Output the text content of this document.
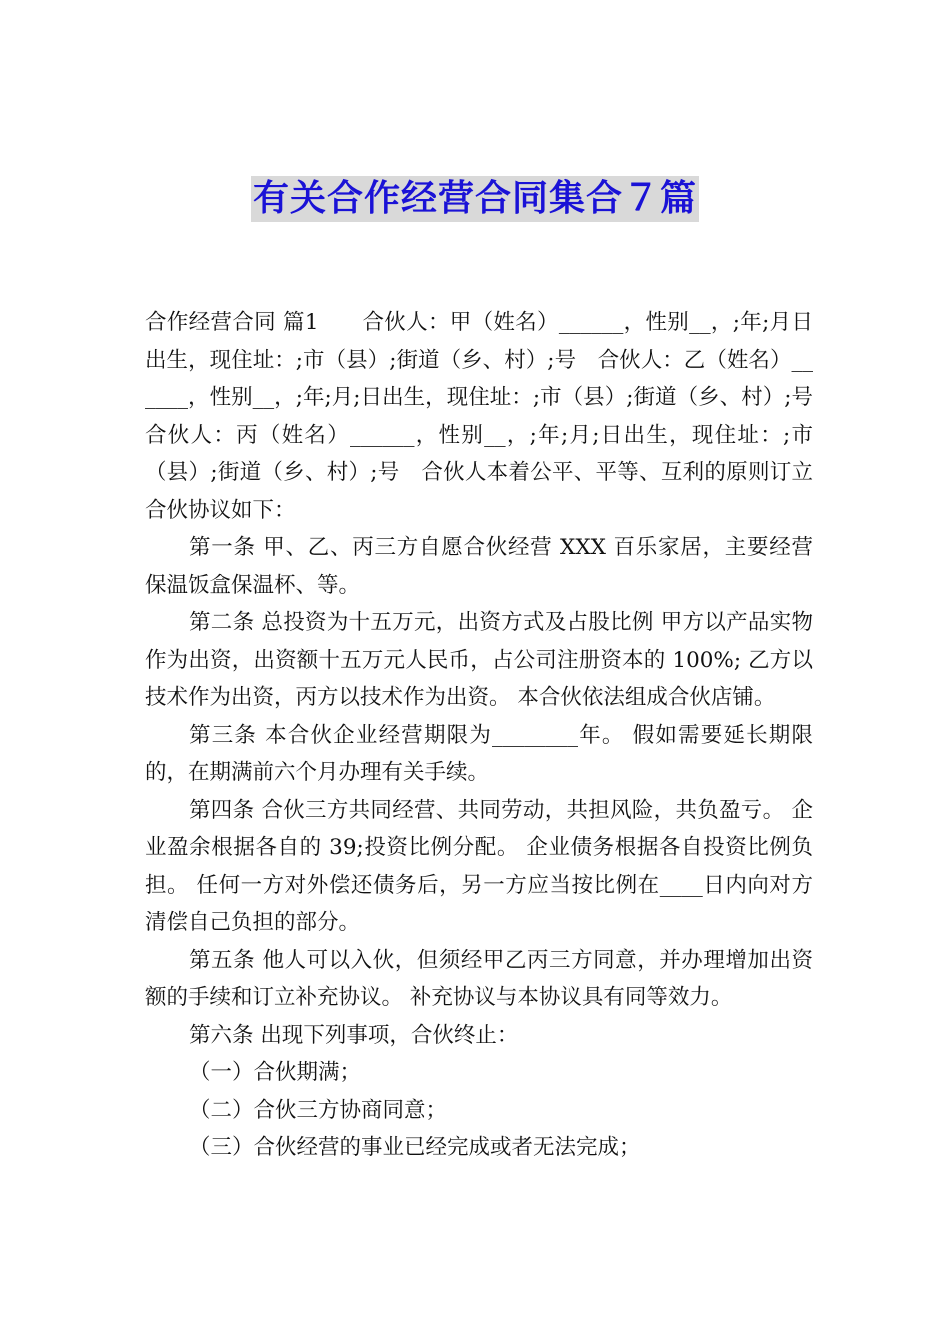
有关合作经营合同集合７篇

合作经营合同 篇1　　合伙人：甲（姓名）______，性别__，;年;月日出生，现住址：;市（县）;街道（乡、村）;号　合伙人：乙（姓名）______，性别__，;年;月;日出生，现住址：;市（县）;街道（乡、村）;号　合伙人：丙（姓名）______，性别__，;年;月;日出生，现住址：;市（县）;街道（乡、村）;号　合伙人本着公平、平等、互利的原则订立合伙协议如下：

第一条 甲、乙、丙三方自愿合伙经营 XXX 百乐家居，主要经营保温饭盒保温杯、等。

第二条 总投资为十五万元，出资方式及占股比例 甲方以产品实物作为出资，出资额十五万元人民币，占公司注册资本的 100%; 乙方以技术作为出资，丙方以技术作为出资。 本合伙依法组成合伙店铺。

第三条 本合伙企业经营期限为________年。 假如需要延长期限的，在期满前六个月办理有关手续。

第四条 合伙三方共同经营、共同劳动，共担风险，共负盈亏。 企业盈余根据各自的 39;投资比例分配。 企业债务根据各自投资比例负担。 任何一方对外偿还债务后，另一方应当按比例在____日内向对方清偿自己负担的部分。

第五条 他人可以入伙，但须经甲乙丙三方同意，并办理增加出资额的手续和订立补充协议。 补充协议与本协议具有同等效力。

第六条 出现下列事项，合伙终止：

（一）合伙期满；

（二）合伙三方协商同意；

（三）合伙经营的事业已经完成或者无法完成；
